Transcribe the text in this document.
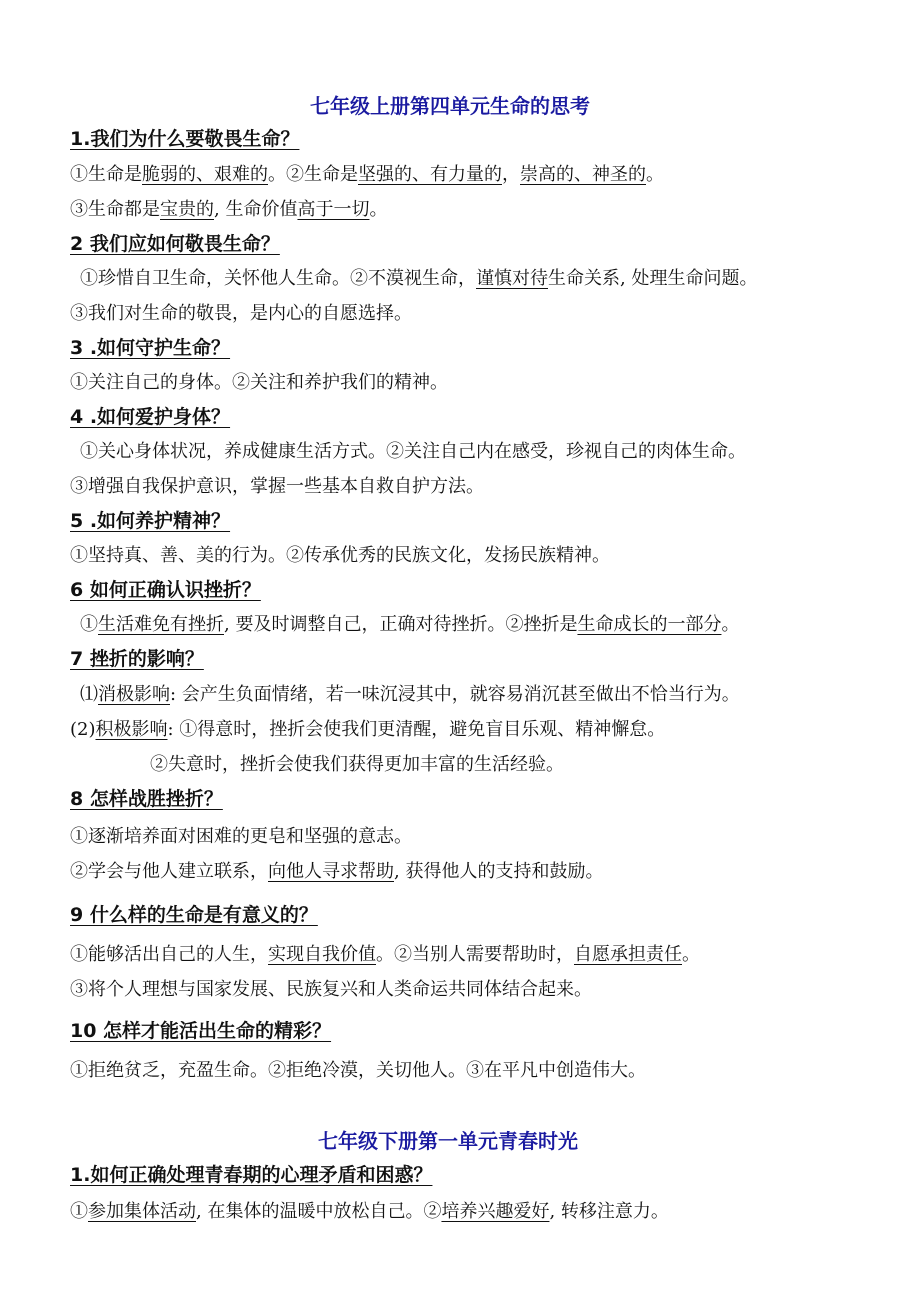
七年级上册第四单元生命的思考
1.我们为什么要敬畏生命？
①生命是脆弱的、艰难的。②生命是坚强的、有力量的，崇高的、神圣的。
③生命都是宝贵的, 生命价值高于一切。
2 我们应如何敬畏生命？
①珍惜自卫生命，关怀他人生命。②不漠视生命，谨慎对待生命关系, 处理生命问题。
③我们对生命的敬畏，是内心的自愿选择。
3 .如何守护生命？
①关注自己的身体。②关注和养护我们的精神。
4 .如何爱护身体？
①关心身体状况，养成健康生活方式。②关注自己内在感受，珍视自己的肉体生命。
③增强自我保护意识，掌握一些基本自救自护方法。
5 .如何养护精神？
①坚持真、善、美的行为。②传承优秀的民族文化，发扬民族精神。
6 如何正确认识挫折？
①生活难免有挫折, 要及时调整自己，正确对待挫折。②挫折是生命成长的一部分。
7 挫折的影响？
⑴消极影响: 会产生负面情绪，若一味沉浸其中，就容易消沉甚至做出不恰当行为。
(2)积极影响: ①得意时，挫折会使我们更清醒，避免盲目乐观、精神懈怠。
②失意时，挫折会使我们获得更加丰富的生活经验。
8 怎样战胜挫折？
①逐渐培养面对困难的更皂和坚强的意志。
②学会与他人建立联系，向他人寻求帮助, 获得他人的支持和鼓励。
9 什么样的生命是有意义的？
①能够活出自己的人生，实现自我价值。②当别人需要帮助时，自愿承担责任。
③将个人理想与国家发展、民族复兴和人类命运共同体结合起来。
10 怎样才能活出生命的精彩？
①拒绝贫乏，充盈生命。②拒绝冷漠，关切他人。③在平凡中创造伟大。
七年级下册第一单元青春时光
1.如何正确处理青春期的心理矛盾和困惑？
①参加集体活动, 在集体的温暖中放松自己。②培养兴趣爱好, 转移注意力。
